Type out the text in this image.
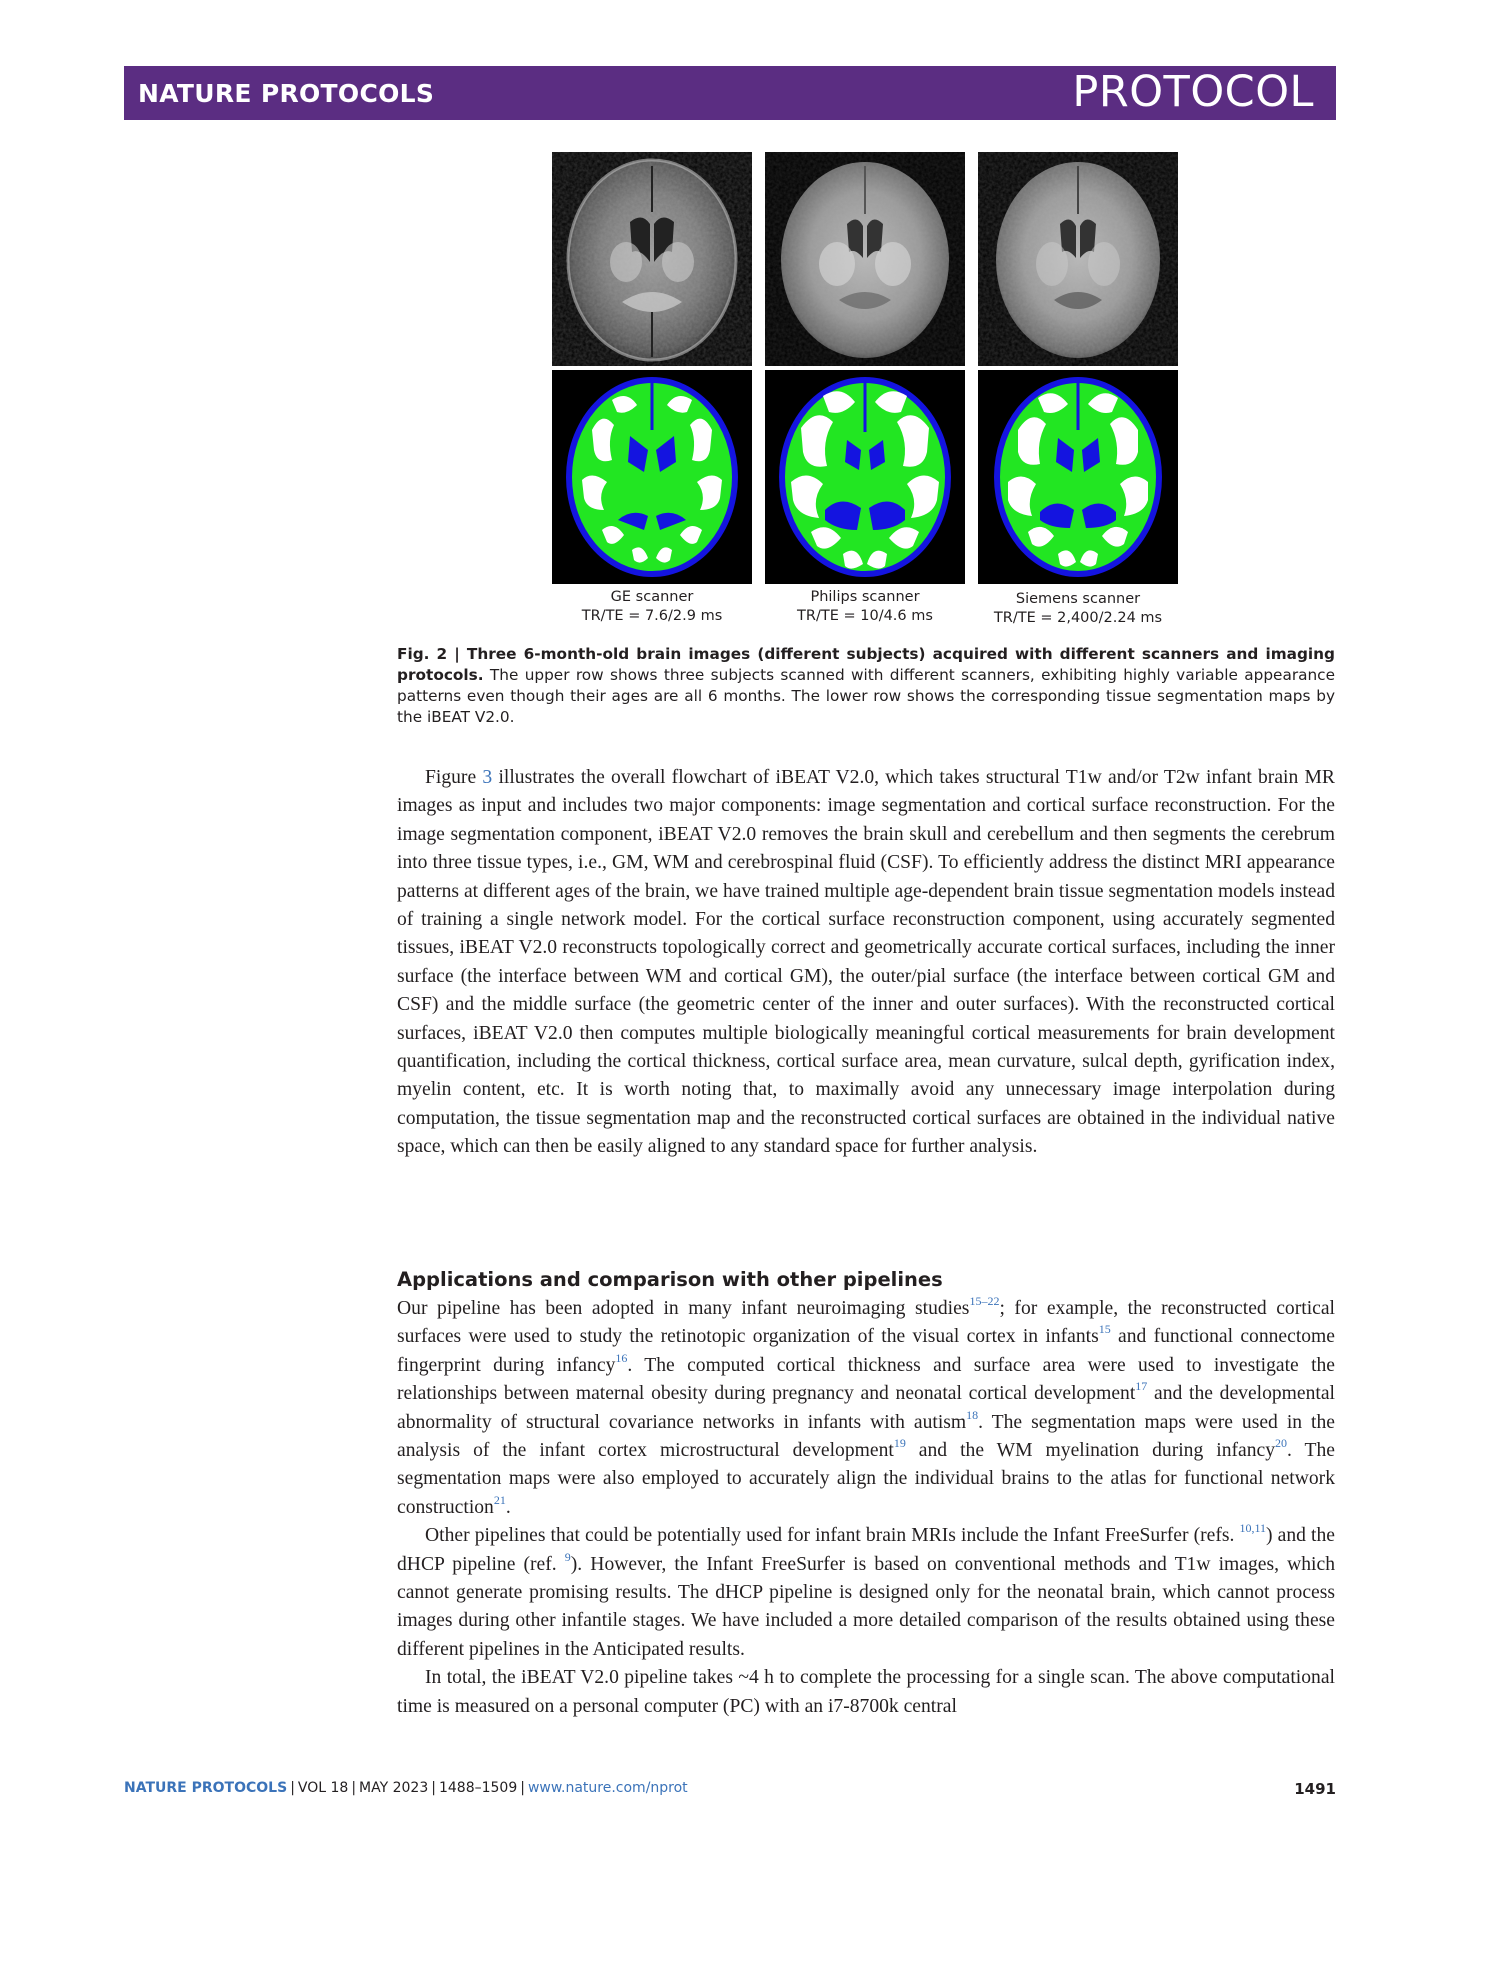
NATURE PROTOCOLS	PROTOCOL
GE scanner
TR/TE = 7.6/2.9 ms
Philips scanner
TR/TE = 10/4.6 ms
Siemens scanner
TR/TE = 2,400/2.24 ms
Fig. 2 | Three 6-month-old brain images (different subjects) acquired with different scanners and imaging protocols. The upper row shows three subjects scanned with different scanners, exhibiting highly variable appearance patterns even though their ages are all 6 months. The lower row shows the corresponding tissue segmentation maps by the iBEAT V2.0.

Figure 3 illustrates the overall flowchart of iBEAT V2.0, which takes structural T1w and/or T2w infant brain MR images as input and includes two major components: image segmentation and cortical surface reconstruction. For the image segmentation component, iBEAT V2.0 removes the brain skull and cerebellum and then segments the cerebrum into three tissue types, i.e., GM, WM and cerebrospinal fluid (CSF). To efficiently address the distinct MRI appearance patterns at different ages of the brain, we have trained multiple age-dependent brain tissue segmentation models instead of training a single network model. For the cortical surface reconstruction component, using accurately segmented tissues, iBEAT V2.0 reconstructs topologically correct and geometrically accurate cortical surfaces, including the inner surface (the interface between WM and cortical GM), the outer/pial surface (the interface between cortical GM and CSF) and the middle surface (the geometric center of the inner and outer surfaces). With the reconstructed cortical surfaces, iBEAT V2.0 then computes multiple biologically meaningful cortical measurements for brain development quantification, including the cortical thickness, cortical surface area, mean curvature, sulcal depth, gyrification index, myelin content, etc. It is worth noting that, to maximally avoid any unnecessary image interpolation during computation, the tissue segmentation map and the reconstructed cortical surfaces are obtained in the individual native space, which can then be easily aligned to any standard space for further analysis.

Applications and comparison with other pipelines

Our pipeline has been adopted in many infant neuroimaging studies$^{15-22}$; for example, the reconstructed cortical surfaces were used to study the retinotopic organization of the visual cortex in infants$^{15}$ and functional connectome fingerprint during infancy$^{16}$. The computed cortical thickness and surface area were used to investigate the relationships between maternal obesity during pregnancy and neonatal cortical development$^{17}$ and the developmental abnormality of structural covariance networks in infants with autism$^{18}$. The segmentation maps were used in the analysis of the infant cortex microstructural development$^{19}$ and the WM myelination during infancy$^{20}$. The segmentation maps were also employed to accurately align the individual brains to the atlas for functional network construction$^{21}$.

Other pipelines that could be potentially used for infant brain MRIs include the Infant FreeSurfer (refs. $^{10,11}$) and the dHCP pipeline (ref. $^9$). However, the Infant FreeSurfer is based on conventional methods and T1w images, which cannot generate promising results. The dHCP pipeline is designed only for the neonatal brain, which cannot process images during other infantile stages. We have included a more detailed comparison of the results obtained using these different pipelines in the Anticipated results.

In total, the iBEAT V2.0 pipeline takes ~4 h to complete the processing for a single scan. The above computational time is measured on a personal computer (PC) with an i7-8700k central

NATURE PROTOCOLS | VOL 18 | MAY 2023 | 1488–1509 | www.nature.com/nprot	1491
